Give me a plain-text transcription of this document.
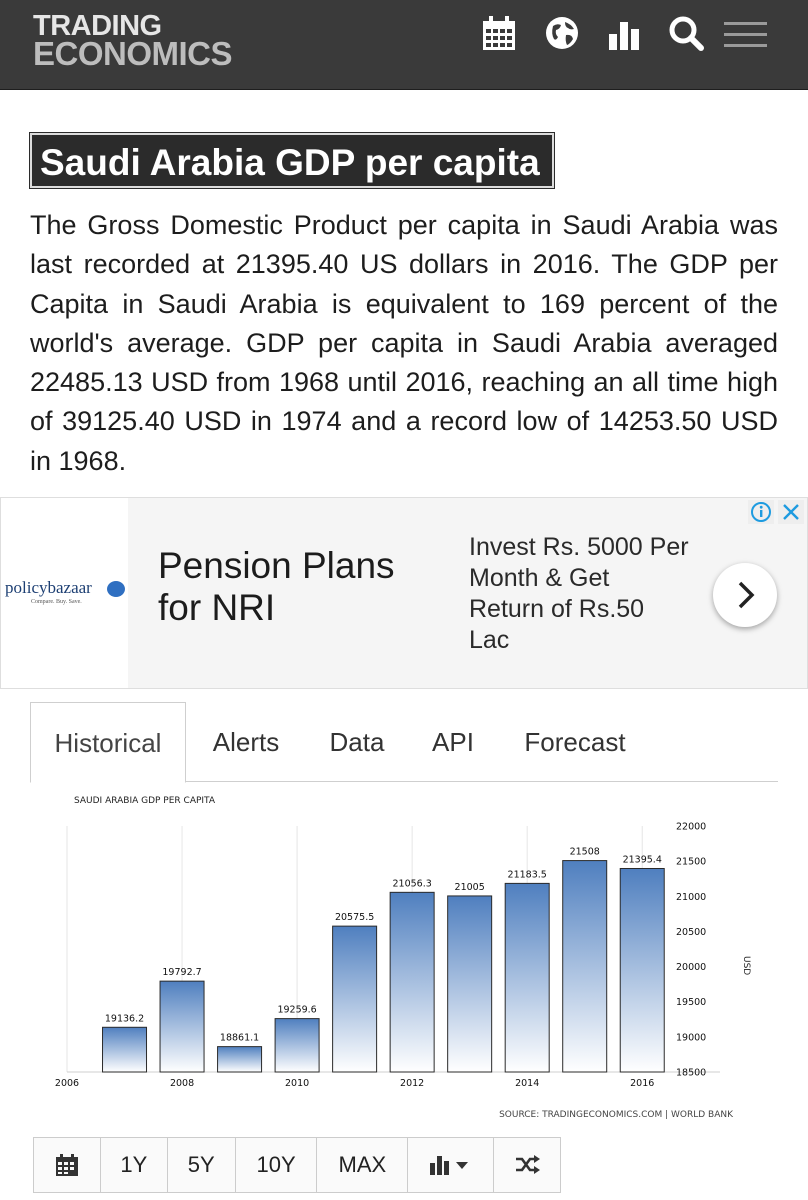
TRADING
ECONOMICS
Saudi Arabia GDP per capita

The Gross Domestic Product per capita in Saudi Arabia was last recorded at 21395.40 US dollars in 2016. The GDP per Capita in Saudi Arabia is equivalent to 169 percent of the world's average. GDP per capita in Saudi Arabia averaged 22485.13 USD from 1968 until 2016, reaching an all time high of 39125.40 USD in 1974 and a record low of 14253.50 USD in 1968.

policybazaar
Compare. Buy. Save.
Pension Plans for NRI
Invest Rs. 5000 Per Month & Get Return of Rs.50 Lac
Historical	Alerts	Data	API	Forecast
SAUDI ARABIA GDP PER CAPITA
19136.2
19792.7
18861.1
19259.6
20575.5
21056.3 21005
21183.5
21508
21395.4
2006	2008	2010	2012	2014	2016
22000
21500
21000
20500
20000
19500
19000
18500
USD
SOURCE: TRADINGECONOMICS.COM | WORLD BANK
1Y	5Y	10Y	MAX
